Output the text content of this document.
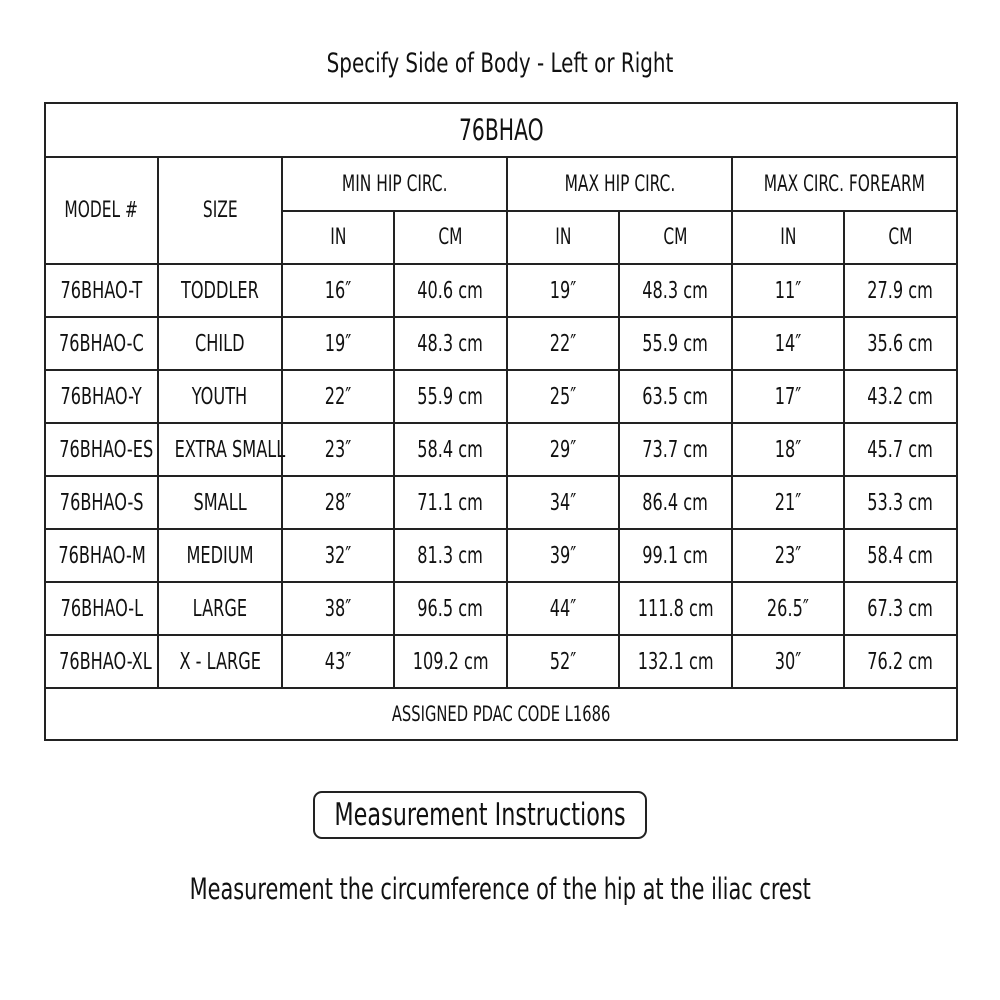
Specify Side of Body - Left or Right
76BHAO							
MODEL #	SIZE	MIN HIP CIRC.		MAX HIP CIRC.		MAX CIRC. FOREARM	
		IN	CM	IN	CM	IN	CM
76BHAO-T	TODDLER	16″	40.6 cm	19″	48.3 cm	11″	27.9 cm
76BHAO-C	CHILD	19″	48.3 cm	22″	55.9 cm	14″	35.6 cm
76BHAO-Y	YOUTH	22″	55.9 cm	25″	63.5 cm	17″	43.2 cm
76BHAO-ES	EXTRA SMALL	23″	58.4 cm	29″	73.7 cm	18″	45.7 cm
76BHAO-S	SMALL	28″	71.1 cm	34″	86.4 cm	21″	53.3 cm
76BHAO-M	MEDIUM	32″	81.3 cm	39″	99.1 cm	23″	58.4 cm
76BHAO-L	LARGE	38″	96.5 cm	44″	111.8 cm	26.5″	67.3 cm
76BHAO-XL	X - LARGE	43″	109.2 cm	52″	132.1 cm	30″	76.2 cm
ASSIGNED PDAC CODE L1686							
Measurement Instructions
Measurement the circumference of the hip at the iliac crest
